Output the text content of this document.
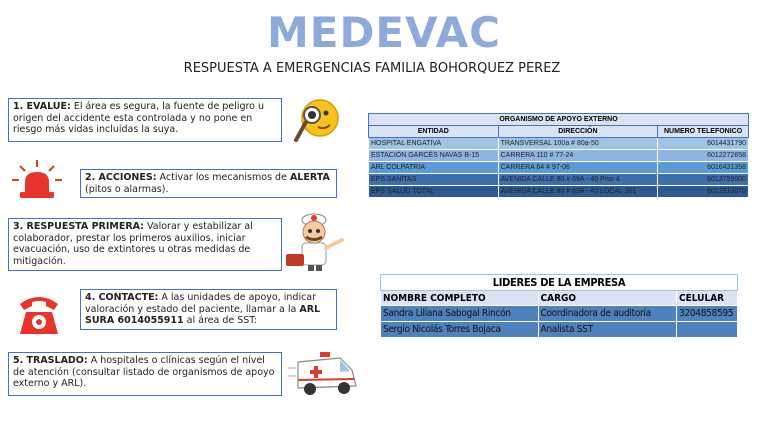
MEDEVAC
RESPUESTA A EMERGENCIAS FAMILIA BOHORQUEZ PEREZ
1. EVALUE: El área es segura, la fuente de peligro u origen del accidente esta controlada y no pone en riesgo más vidas incluidas la suya.
2. ACCIONES: Activar los mecanismos de ALERTA (pitos o alarmas).
3. RESPUESTA PRIMERA: Valorar y estabilizar al colaborador, prestar los primeros auxilios, iniciar evacuación, uso de extintores u otras medidas de mitigación.
4. CONTACTE: A las unidades de apoyo, indicar valoración y estado del paciente, llamar a la ARL SURA 6014055911 al área de SST:
5. TRASLADO: A hospitales o clínicas según el nivel de atención (consultar listado de organismos de apoyo externo y ARL).
ORGANISMO DE APOYO EXTERNO		
ENTIDAD	DIRECCIÓN	NUMERO TELEFONICO
HOSPITAL ENGATIVA	TRANSVERSAL 100a # 80a-50	6014431790
ESTACIÓN GARCÉS NAVAS B-15	CARRERA 110 # 77-24	6012272658
ARL COLPATRIA	CARRERA 64 # 97-06	6016431358
EPS SANITAS	AVENIDA CALLE 80 # 69A - 40 Piso 4	6013759000
EPS SALUD TOTAL	AVENIDA CALLE 80 # 69A - 40 LOCAL 301	6012510070
LIDERES DE LA EMPRESA		
NOMBRE COMPLETO	CARGO	CELULAR
Sandra Liliana Sabogal Rincón	Coordinadora de auditoría	3204858595
Sergio Nicolás Torres Bojaca	Analista SST	
